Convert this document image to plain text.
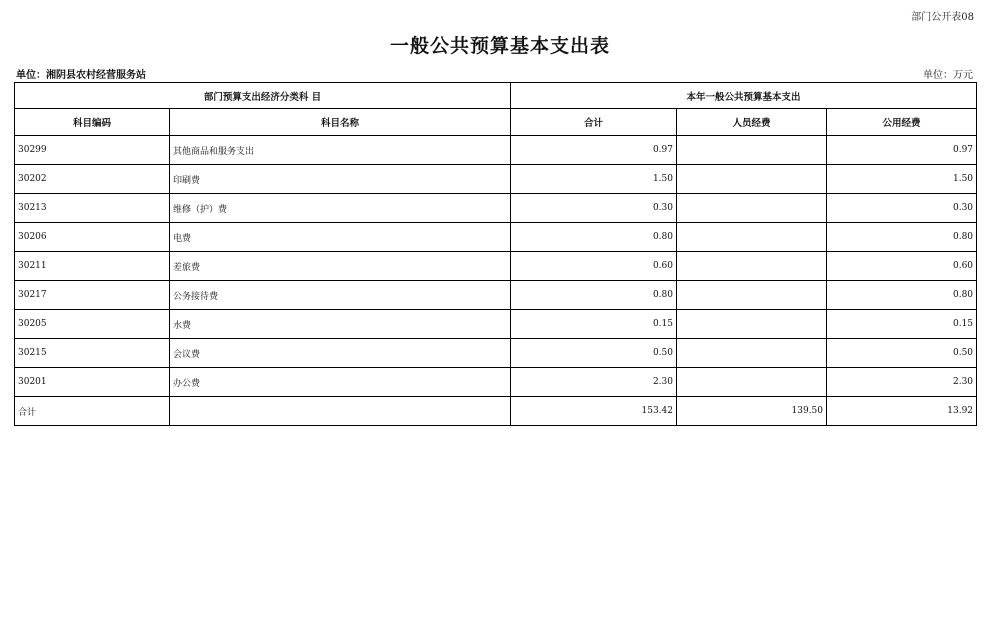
部门公开表08
一般公共预算基本支出表
单位：湘阴县农村经营服务站	单位：万元
部门预算支出经济分类科 目		本年一般公共预算基本支出		
科目编码	科目名称	合计	人员经费	公用经费
30299	其他商品和服务支出	0.97		0.97
30202	印刷费	1.50		1.50
30213	维修（护）费	0.30		0.30
30206	电费	0.80		0.80
30211	差旅费	0.60		0.60
30217	公务接待费	0.80		0.80
30205	水费	0.15		0.15
30215	会议费	0.50		0.50
30201	办公费	2.30		2.30
合计		153.42	139.50	13.92
